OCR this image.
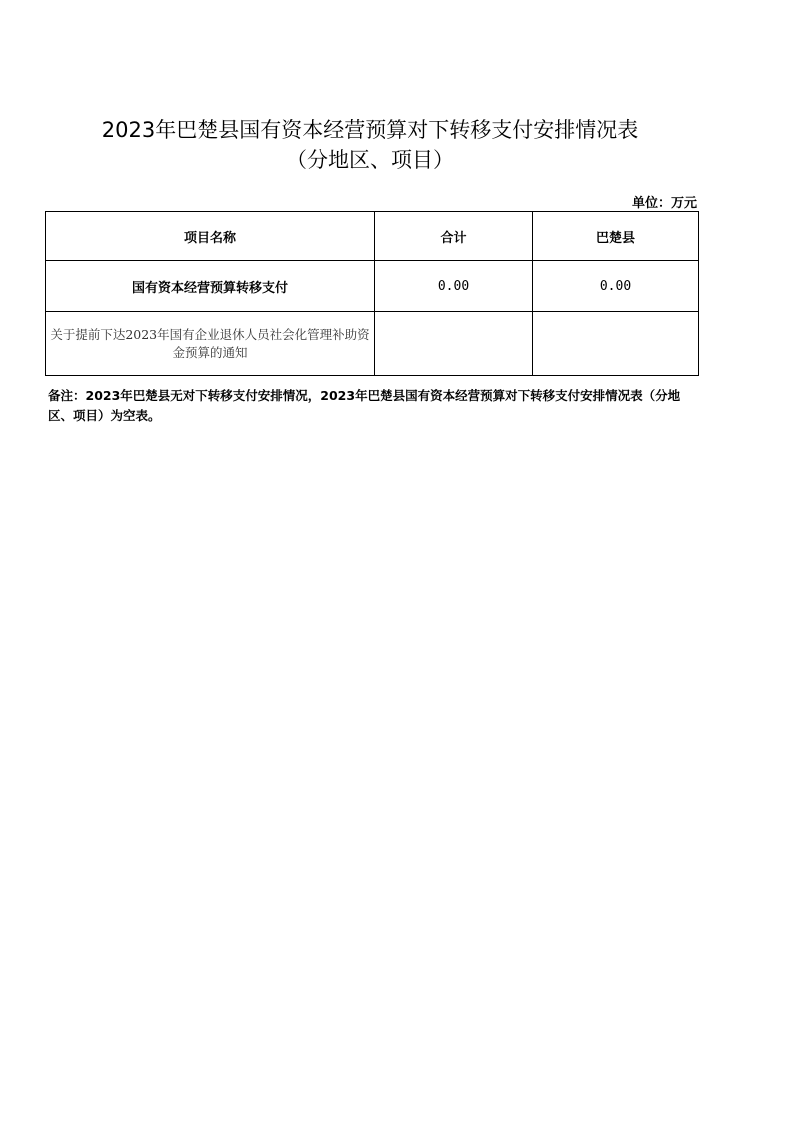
2023年巴楚县国有资本经营预算对下转移支付安排情况表
（分地区、项目）
单位：万元
项目名称	合计	巴楚县
国有资本经营预算转移支付	0.00	0.00
关于提前下达2023年国有企业退休人员社会化管理补助资金预算的通知		
备注：2023年巴楚县无对下转移支付安排情况，2023年巴楚县国有资本经营预算对下转移支付安排情况表（分地区、项目）为空表。
